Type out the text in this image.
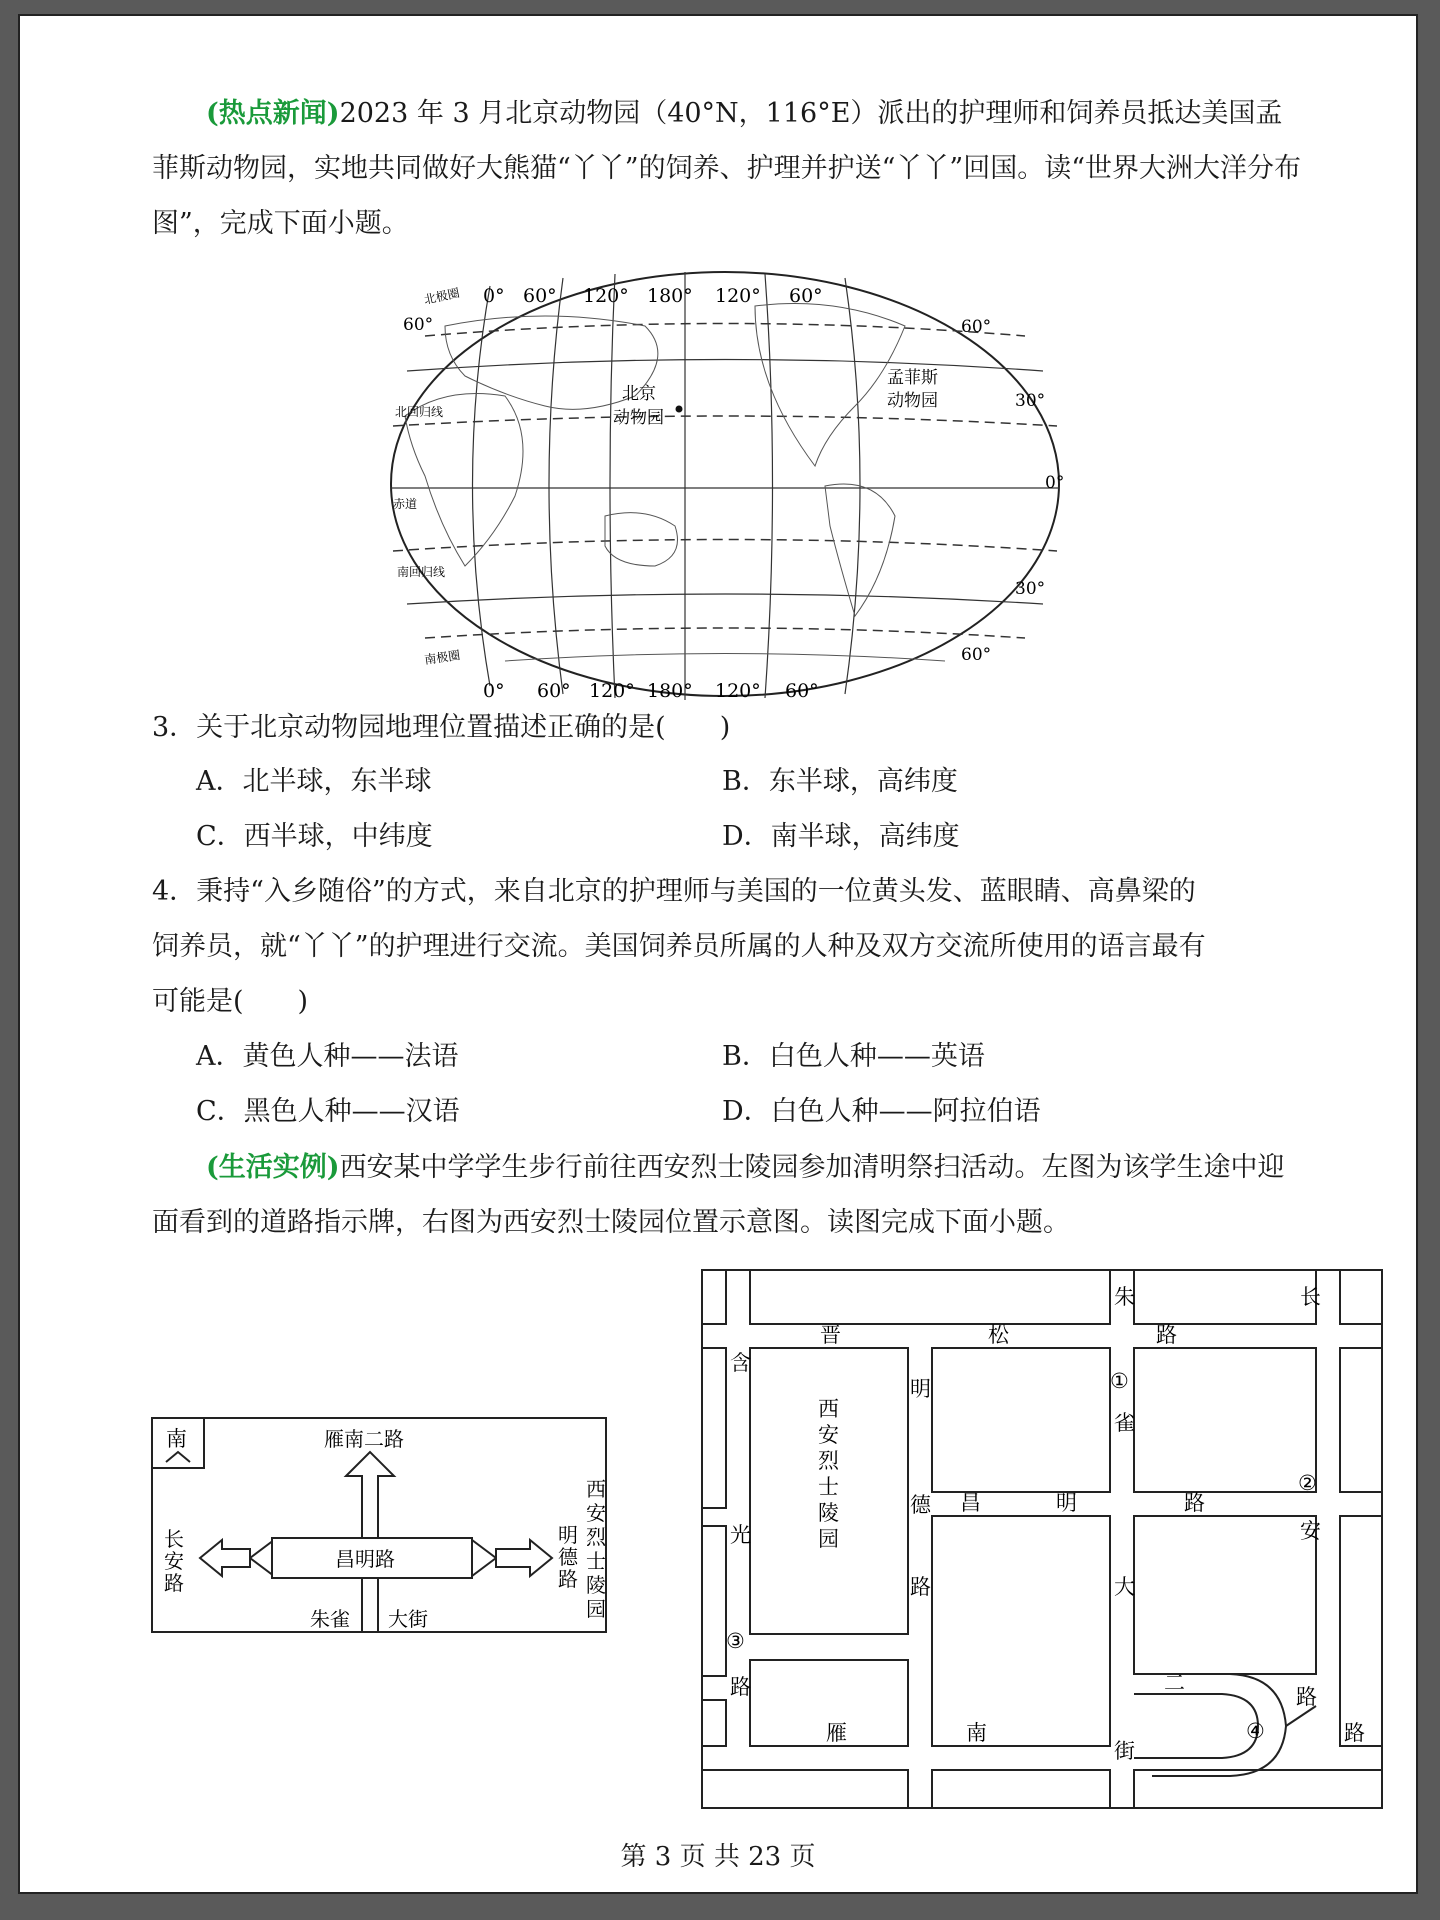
(热点新闻)2023 年 3 月北京动物园（40°N，116°E）派出的护理师和饲养员抵达美国孟菲斯动物园，实地共同做好大熊猫“丫丫”的饲养、护理并护送“丫丫”回国。读“世界大洲大洋分布图”，完成下面小题。
0° 60° 120° 180° 120° 60°
0° 60° 120° 180° 120° 60°
北极圈
60°
北回归线
赤道
南回归线
南极圈
60°
30°
0°
30°
60°
北京
动物园
孟菲斯
动物园
3．关于北京动物园地理位置描述正确的是(　　)
A．北半球，东半球	B．东半球，高纬度
C．西半球，中纬度	D．南半球，高纬度
4．秉持“入乡随俗”的方式，来自北京的护理师与美国的一位黄头发、蓝眼睛、高鼻梁的
饲养员，就“丫丫”的护理进行交流。美国饲养员所属的人种及双方交流所使用的语言最有
可能是(　　)
A．黄色人种——法语	B．白色人种——英语
C．黑色人种——汉语	D．白色人种——阿拉伯语
(生活实例)西安某中学学生步行前往西安烈士陵园参加清明祭扫活动。左图为该学生途中迎面看到的道路指示牌，右图为西安烈士陵园位置示意图。读图完成下面小题。
南	雁南二路
昌明路
长
安
路
明
德
路
西
安
烈
士
陵
园
朱雀 大街
晋	松
朱
路
长
①
雀
含
明
德
路
西
安
烈
士
陵
园
昌	明	路
②
安
光
大
③
路	二
路
④	路
雁	南
街
第 3 页 共 23 页
